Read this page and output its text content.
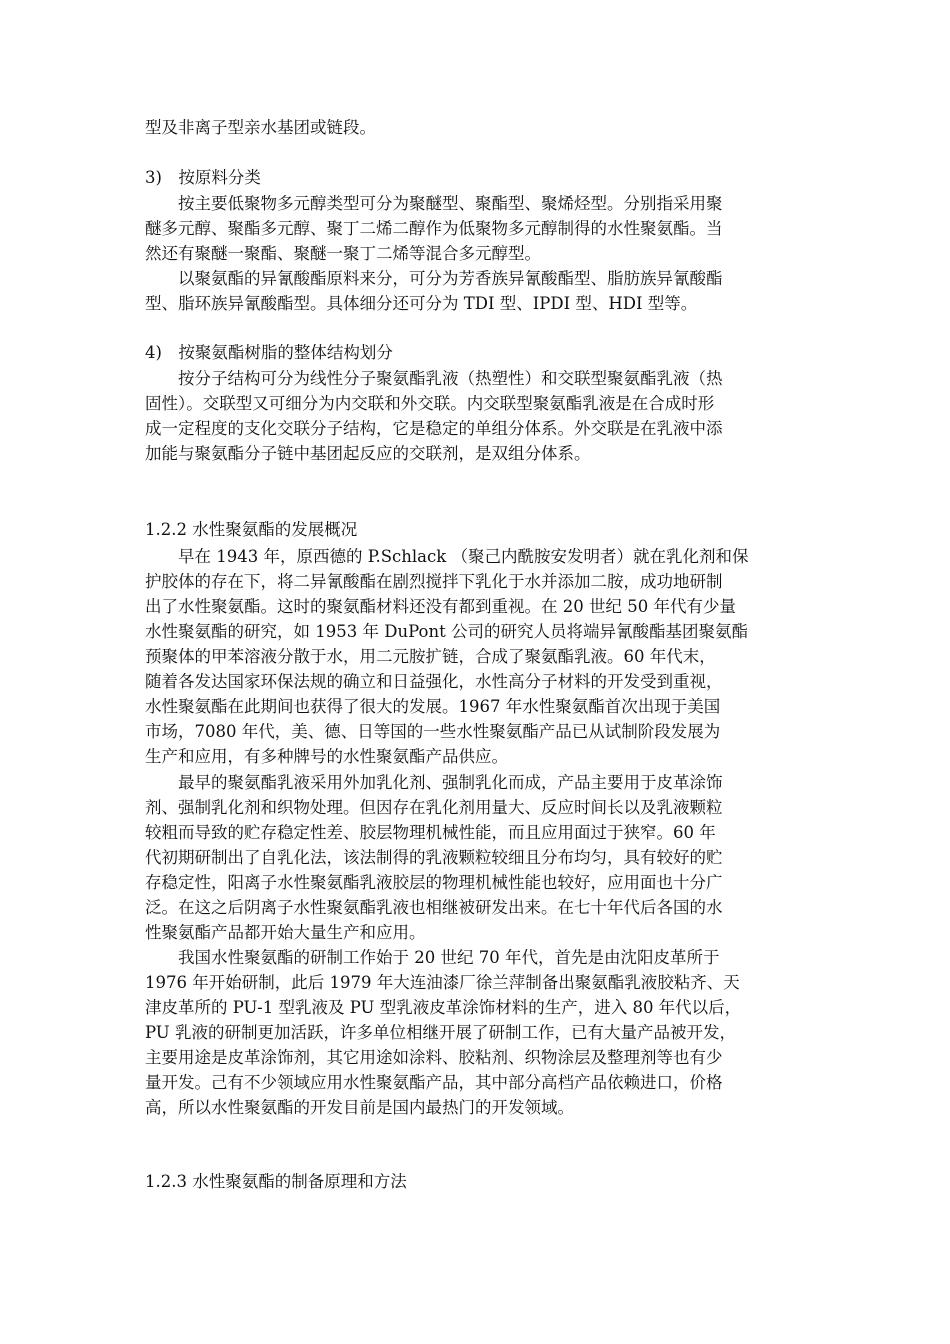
型及非离子型亲水基团或链段。
3)　按原料分类
　　按主要低聚物多元醇类型可分为聚醚型、聚酯型、聚烯烃型。分别指采用聚
醚多元醇、聚酯多元醇、聚丁二烯二醇作为低聚物多元醇制得的水性聚氨酯。当
然还有聚醚一聚酯、聚醚一聚丁二烯等混合多元醇型。
　　以聚氨酯的异氰酸酯原料来分，可分为芳香族异氰酸酯型、脂肪族异氰酸酯
型、脂环族异氰酸酯型。具体细分还可分为 TDI 型、IPDI 型、HDI 型等。
4)　按聚氨酯树脂的整体结构划分
　　按分子结构可分为线性分子聚氨酯乳液（热塑性）和交联型聚氨酯乳液（热
固性）。交联型又可细分为内交联和外交联。内交联型聚氨酯乳液是在合成时形
成一定程度的支化交联分子结构，它是稳定的单组分体系。外交联是在乳液中添
加能与聚氨酯分子链中基团起反应的交联剂，是双组分体系。
1.2.2 水性聚氨酯的发展概况
　　早在 1943 年，原西德的 P.Schlack （聚己内酰胺安发明者）就在乳化剂和保
护胶体的存在下，将二异氰酸酯在剧烈搅拌下乳化于水并添加二胺，成功地研制
出了水性聚氨酯。这时的聚氨酯材料还没有都到重视。在 20 世纪 50 年代有少量
水性聚氨酯的研究，如 1953 年 DuPont 公司的研究人员将端异氰酸酯基团聚氨酯
预聚体的甲苯溶液分散于水，用二元胺扩链，合成了聚氨酯乳液。60 年代末，
随着各发达国家环保法规的确立和日益强化，水性高分子材料的开发受到重视，
水性聚氨酯在此期间也获得了很大的发展。1967 年水性聚氨酯首次出现于美国
市场，7080 年代，美、德、日等国的一些水性聚氨酯产品已从试制阶段发展为
生产和应用，有多种牌号的水性聚氨酯产品供应。
　　最早的聚氨酯乳液采用外加乳化剂、强制乳化而成，产品主要用于皮革涂饰
剂、强制乳化剂和织物处理。但因存在乳化剂用量大、反应时间长以及乳液颗粒
较粗而导致的贮存稳定性差、胶层物理机械性能，而且应用面过于狭窄。60 年
代初期研制出了自乳化法，该法制得的乳液颗粒较细且分布均匀，具有较好的贮
存稳定性，阳离子水性聚氨酯乳液胶层的物理机械性能也较好，应用面也十分广
泛。在这之后阴离子水性聚氨酯乳液也相继被研发出来。在七十年代后各国的水
性聚氨酯产品都开始大量生产和应用。
　　我国水性聚氨酯的研制工作始于 20 世纪 70 年代，首先是由沈阳皮革所于
1976 年开始研制，此后 1979 年大连油漆厂徐兰萍制备出聚氨酯乳液胶粘齐、天
津皮革所的 PU-1 型乳液及 PU 型乳液皮革涂饰材料的生产，进入 80 年代以后，
PU 乳液的研制更加活跃，许多单位相继开展了研制工作，已有大量产品被开发，
主要用途是皮革涂饰剂，其它用途如涂料、胶粘剂、织物涂层及整理剂等也有少
量开发。己有不少领域应用水性聚氨酯产品，其中部分高档产品依赖进口，价格
高，所以水性聚氨酯的开发目前是国内最热门的开发领域。
1.2.3 水性聚氨酯的制备原理和方法
